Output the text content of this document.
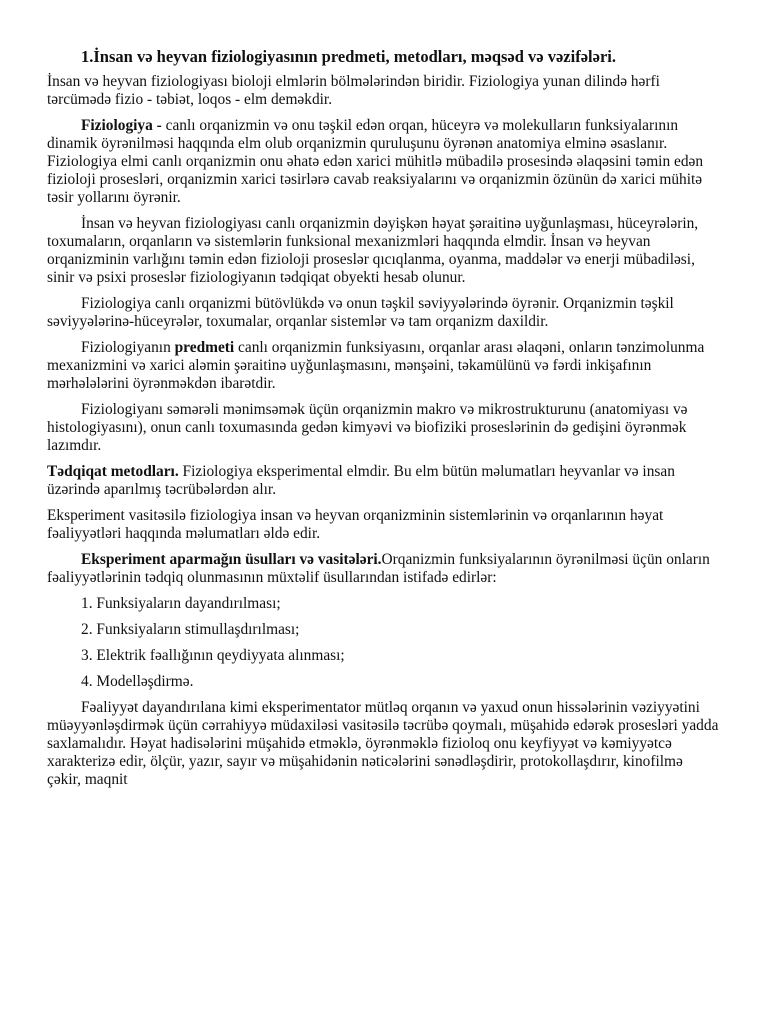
1.İnsan və heyvan fiziologiyasının predmeti, metodları, məqsəd və vəzifələri.

İnsan və heyvan fiziologiyası bioloji elmlərin bölmələrindən biridir. Fiziologiya yunan dilində hərfi tərcümədə fizio - təbiət, loqos - elm deməkdir.

Fiziologiya - canlı orqanizmin və onu təşkil edən orqan, hüceyrə və molekulların funksiyalarının dinamik öyrənilməsi haqqında elm olub orqanizmin quruluşunu öyrənən anatomiya elminə əsaslanır. Fiziologiya elmi canlı orqanizmin onu əhatə edən xarici mühitlə mübadilə prosesində əlaqəsini təmin edən fizioloji prosesləri, orqanizmin xarici təsirlərə cavab reaksiyalarını və orqanizmin özünün də xarici mühitə təsir yollarını öyrənir.

İnsan və heyvan fiziologiyası canlı orqanizmin dəyişkən həyat şəraitinə uyğunlaşması, hüceyrələrin, toxumaların, orqanların və sistemlərin funksional mexanizmləri haqqında elmdir. İnsan və heyvan orqanizminin varlığını təmin edən fizioloji proseslər qıcıqlanma, oyanma, maddələr və enerji mübadiləsi, sinir və psixi proseslər fiziologiyanın tədqiqat obyekti hesab olunur.

Fiziologiya canlı orqanizmi bütövlükdə və onun təşkil səviyyələrində öyrənir. Orqanizmin təşkil səviyyələrinə-hüceyrələr, toxumalar, orqanlar sistemlər və tam orqanizm daxildir.

Fiziologiyanın predmeti canlı orqanizmin funksiyasını, orqanlar arası əlaqəni, onların tənzimolunma mexanizmini və xarici aləmin şəraitinə uyğunlaşmasını, mənşəini, təkamülünü və fərdi inkişafının mərhələlərini öyrənməkdən ibarətdir.

Fiziologiyanı səmərəli mənimsəmək üçün orqanizmin makro və mikrostrukturunu (anatomiyası və histologiyasını), onun canlı toxumasında gedən kimyəvi və biofiziki proseslərinin də gedişini öyrənmək lazımdır.

Tədqiqat metodları. Fiziologiya eksperimental elmdir. Bu elm bütün məlumatları heyvanlar və insan üzərində aparılmış təcrübələrdən alır.

Eksperiment vasitəsilə fiziologiya insan və heyvan orqanizminin sistemlərinin və orqanlarının həyat fəaliyyətləri haqqında məlumatları əldə edir.

Eksperiment aparmağın üsulları və vasitələri.Orqanizmin funksiyalarının öyrənilməsi üçün onların fəaliyyətlərinin tədqiq olunmasının müxtəlif üsullarından istifadə edirlər:

1. Funksiyaların dayandırılması;
2. Funksiyaların stimullaşdırılması;
3. Elektrik fəallığının qeydiyyata alınması;
4. Modelləşdirmə.

Fəaliyyət dayandırılana kimi eksperimentator mütləq orqanın və yaxud onun hissələrinin vəziyyətini müəyyənləşdirmək üçün cərrahiyyə müdaxiləsi vasitəsilə təcrübə qoymalı, müşahidə edərək prosesləri yadda saxlamalıdır. Həyat hadisələrini müşahidə etməklə, öyrənməklə fizioloq onu keyfiyyət və kəmiyyətcə xarakterizə edir, ölçür, yazır, sayır və müşahidənin nəticələrini sənədləşdirir, protokollaşdırır, kinofilmə çəkir, maqnit
